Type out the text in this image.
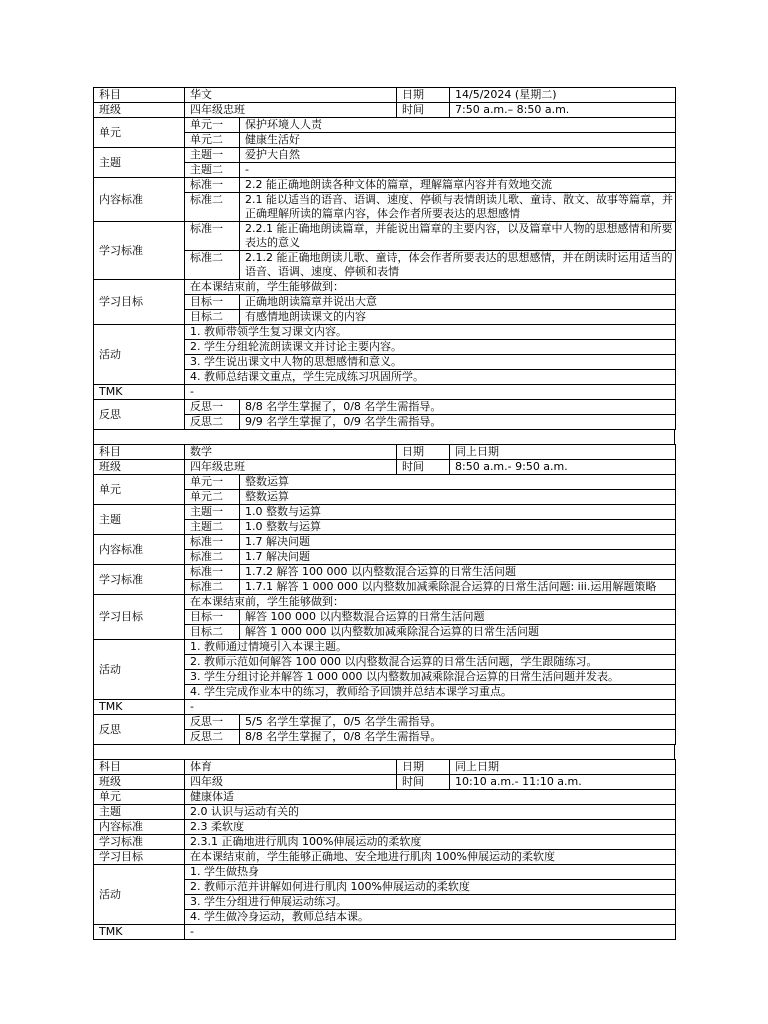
科目	华文		日期	14/5/2024 (星期二)
班级	四年级忠班		时间	7:50 a.m.– 8:50 a.m.
单元	单元一	保护环境人人责		
	单元二	健康生活好		
主题	主题一	爱护大自然		
	主题二	-		
内容标准	标准一	2.2 能正确地朗读各种文体的篇章，理解篇章内容并有效地交流		
	标准二	2.1 能以适当的语音、语调、速度、停顿与表情朗读儿歌、童诗、散文、故事等篇章，并正确理解所读的篇章内容，体会作者所要表达的思想感情		
学习标准	标准一	2.2.1 能正确地朗读篇章，并能说出篇章的主要内容，以及篇章中人物的思想感情和所要表达的意义		
	标准二	2.1.2 能正确地朗读儿歌、童诗，体会作者所要表达的思想感情，并在朗读时运用适当的语音、语调、速度、停顿和表情		
学习目标	在本课结束前，学生能够做到：			
	目标一	正确地朗读篇章并说出大意		
	目标二	有感情地朗读课文的内容		
活动	1. 教师带领学生复习课文内容。			
	2. 学生分组轮流朗读课文并讨论主要内容。			
	3. 学生说出课文中人物的思想感情和意义。			
	4. 教师总结课文重点，学生完成练习巩固所学。			
TMK	-			
反思	反思一	8/8 名学生掌握了，0/8 名学生需指导。		
	反思二	9/9 名学生掌握了，0/9 名学生需指导。		
科目	数学		日期	同上日期
班级	四年级忠班		时间	8:50 a.m.- 9:50 a.m.
单元	单元一	整数运算		
	单元二	整数运算		
主题	主题一	1.0 整数与运算		
	主题二	1.0 整数与运算		
内容标准	标准一	1.7 解决问题		
	标准二	1.7 解决问题		
学习标准	标准一	1.7.2 解答 100 000 以内整数混合运算的日常生活问题		
	标准二	1.7.1 解答 1 000 000 以内整数加减乘除混合运算的日常生活问题: iii.运用解题策略		
学习目标	在本课结束前，学生能够做到：			
	目标一	解答 100 000 以内整数混合运算的日常生活问题		
	目标二	解答 1 000 000 以内整数加减乘除混合运算的日常生活问题		
活动	1. 教师通过情境引入本课主题。			
	2. 教师示范如何解答 100 000 以内整数混合运算的日常生活问题，学生跟随练习。			
	3. 学生分组讨论并解答 1 000 000 以内整数加减乘除混合运算的日常生活问题并发表。			
	4. 学生完成作业本中的练习，教师给予回馈并总结本课学习重点。			
TMK	-			
反思	反思一	5/5 名学生掌握了，0/5 名学生需指导。		
	反思二	8/8 名学生掌握了，0/8 名学生需指导。		
科目	体育	日期	同上日期
班级	四年级	时间	10:10 a.m.- 11:10 a.m.
单元	健康体适		
主题	2.0 认识与运动有关的		
内容标准	2.3 柔软度		
学习标准	2.3.1 正确地进行肌肉 100%伸展运动的柔软度		
学习目标	在本课结束前，学生能够正确地、安全地进行肌肉 100%伸展运动的柔软度		
活动	1. 学生做热身		
	2. 教师示范并讲解如何进行肌肉 100%伸展运动的柔软度		
	3. 学生分组进行伸展运动练习。		
	4. 学生做冷身运动，教师总结本课。		
TMK	-		
